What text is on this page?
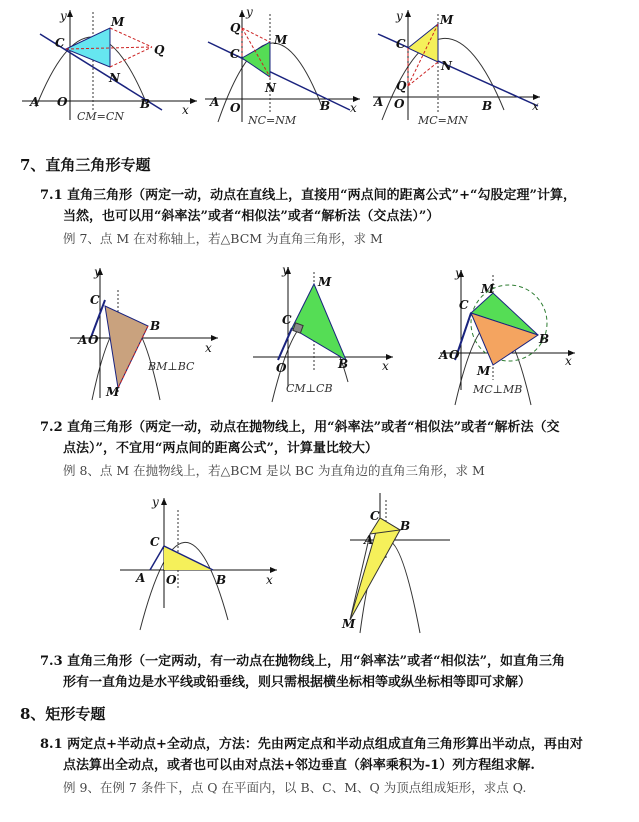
y
x
C
M
N
Q
A O	B
CM=CN
y
x
Q
M
C
N
A O	B
NC=NM
y
x
M
C
N
Q
A O	B
MC=MN
7、直角三角形专题
7.1 直角三角形（两定一动，动点在直线上，直接用“两点间的距离公式”+“勾股定理”计算，
当然，也可以用“斜率法”或者“相似法”或者“解析法（交点法）”）
例 7、点 M 在对称轴上，若△BCM 为直角三角形，求 M
y
x
C
A O
B
M
BM⊥BC
y
x
M
C
O	B
CM⊥CB
y
x
M
C
A O
B
M
MC⊥MB
7.2 直角三角形（两定一动，动点在抛物线上，用“斜率法”或者“相似法”或者“解析法（交
点法）”，不宜用“两点间的距离公式”，计算量比较大）
例 8、点 M 在抛物线上，若△BCM 是以 BC 为直角边的直角三角形，求 M
y
x
C
A O	B
C
A
B
M
7.3 直角三角形（一定两动，有一动点在抛物线上，用“斜率法”或者“相似法”，如直角三角
形有一直角边是水平线或铅垂线，则只需根据横坐标相等或纵坐标相等即可求解）
8、矩形专题
8.1 两定点+半动点+全动点，方法：先由两定点和半动点组成直角三角形算出半动点，再由对
点法算出全动点，或者也可以由对点法+邻边垂直（斜率乘积为-1）列方程组求解.
例 9、在例 7 条件下，点 Q 在平面内，以 B、C、M、Q 为顶点组成矩形，求点 Q.
